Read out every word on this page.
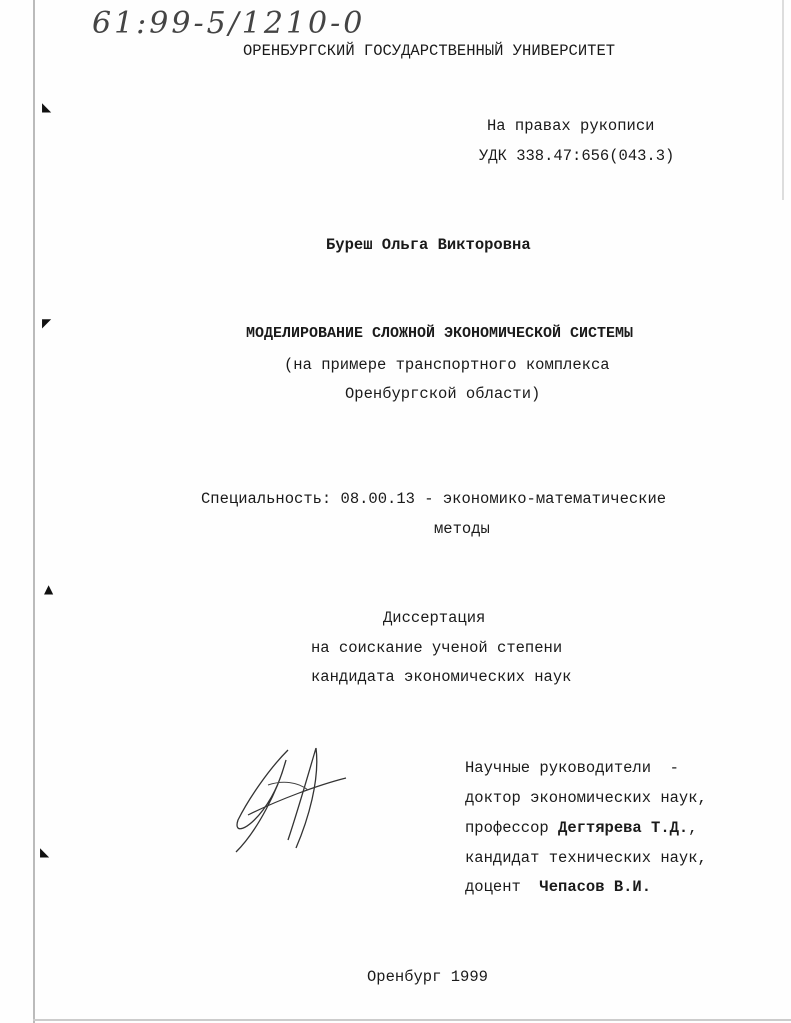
61:99-5/1210-0
ОРЕНБУРГСКИЙ ГОСУДАРСТВЕННЫЙ УНИВЕРСИТЕТ
На правах рукописи
УДК 338.47:656(043.3)
Буреш Ольга Викторовна
МОДЕЛИРОВАНИЕ СЛОЖНОЙ ЭКОНОМИЧЕСКОЙ СИСТЕМЫ
(на примере транспортного комплекса
Оренбургской области)
Специальность: 08.00.13 - экономико-математические
методы
Диссертация
на соискание ученой степени
кандидата экономических наук
Научные руководители  -
доктор экономических наук,
профессор Дегтярева Т.Д.,
кандидат технических наук,
доцент  Чепасов В.И.
Оренбург 1999
◣
◤
▲
◣
